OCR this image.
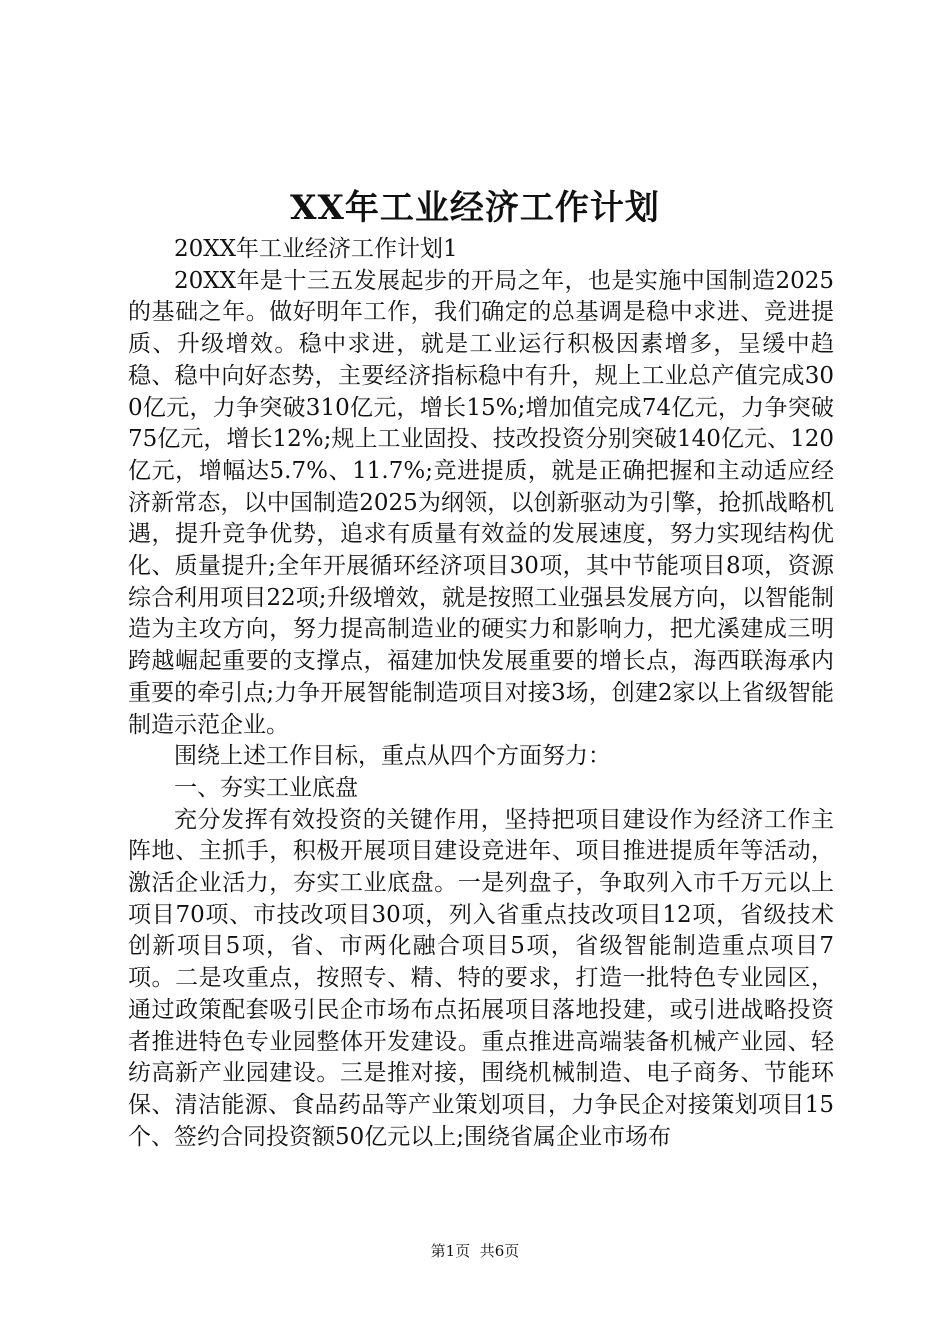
XX年工业经济工作计划

20XX年工业经济工作计划1

20XX年是十三五发展起步的开局之年，也是实施中国制造2025的基础之年。做好明年工作，我们确定的总基调是稳中求进、竞进提质、升级增效。稳中求进，就是工业运行积极因素增多，呈缓中趋稳、稳中向好态势，主要经济指标稳中有升，规上工业总产值完成300亿元，力争突破310亿元，增长15%;增加值完成74亿元，力争突破75亿元，增长12%;规上工业固投、技改投资分别突破140亿元、120亿元，增幅达5.7%、11.7%;竞进提质，就是正确把握和主动适应经济新常态，以中国制造2025为纲领，以创新驱动为引擎，抢抓战略机遇，提升竞争优势，追求有质量有效益的发展速度，努力实现结构优化、质量提升;全年开展循环经济项目30项，其中节能项目8项，资源综合利用项目22项;升级增效，就是按照工业强县发展方向，以智能制造为主攻方向，努力提高制造业的硬实力和影响力，把尤溪建成三明跨越崛起重要的支撑点，福建加快发展重要的增长点，海西联海承内重要的牵引点;力争开展智能制造项目对接3场，创建2家以上省级智能制造示范企业。

围绕上述工作目标，重点从四个方面努力：

一、夯实工业底盘

充分发挥有效投资的关键作用，坚持把项目建设作为经济工作主阵地、主抓手，积极开展项目建设竞进年、项目推进提质年等活动，激活企业活力，夯实工业底盘。一是列盘子，争取列入市千万元以上项目70项、市技改项目30项，列入省重点技改项目12项，省级技术创新项目5项，省、市两化融合项目5项，省级智能制造重点项目7项。二是攻重点，按照专、精、特的要求，打造一批特色专业园区，通过政策配套吸引民企市场布点拓展项目落地投建，或引进战略投资者推进特色专业园整体开发建设。重点推进高端装备机械产业园、轻纺高新产业园建设。三是推对接，围绕机械制造、电子商务、节能环保、清洁能源、食品药品等产业策划项目，力争民企对接策划项目15个、签约合同投资额50亿元以上;围绕省属企业市场布

第1页 共6页
